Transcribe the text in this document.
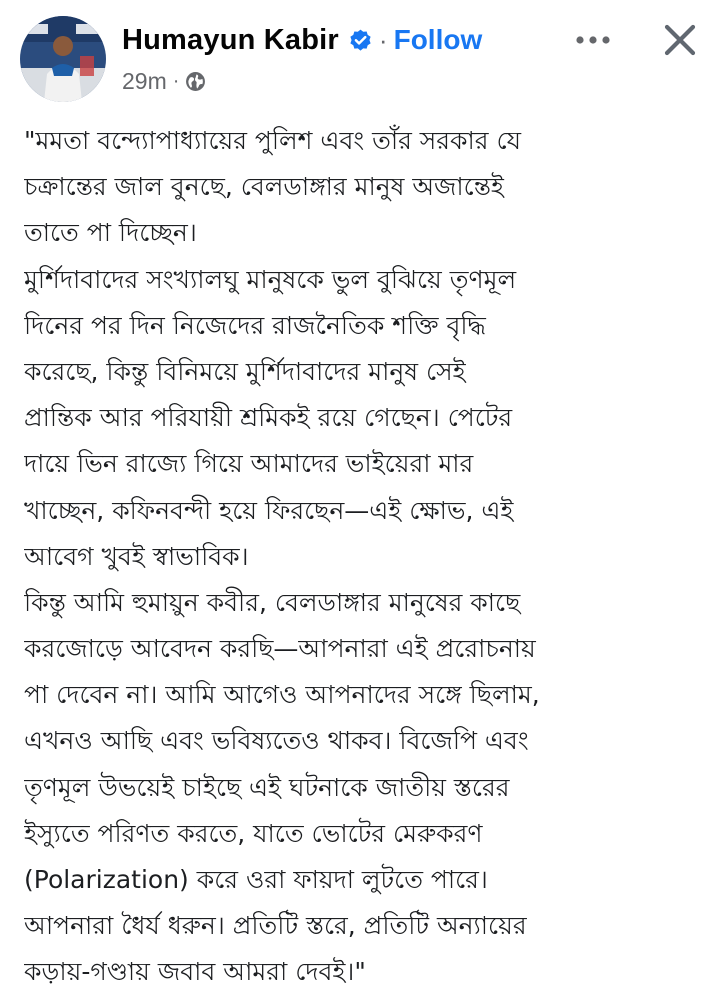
Humayun Kabir · Follow
29m ·
"মমতা বন্দ্যোপাধ্যায়ের পুলিশ এবং তাঁর সরকার যে
চক্রান্তের জাল বুনছে, বেলডাঙ্গার মানুষ অজান্তেই
তাতে পা দিচ্ছেন।
মুর্শিদাবাদের সংখ্যালঘু মানুষকে ভুল বুঝিয়ে তৃণমূল
দিনের পর দিন নিজেদের রাজনৈতিক শক্তি বৃদ্ধি
করেছে, কিন্তু বিনিময়ে মুর্শিদাবাদের মানুষ সেই
প্রান্তিক আর পরিযায়ী শ্রমিকই রয়ে গেছেন। পেটের
দায়ে ভিন রাজ্যে গিয়ে আমাদের ভাইয়েরা মার
খাচ্ছেন, কফিনবন্দী হয়ে ফিরছেন—এই ক্ষোভ, এই
আবেগ খুবই স্বাভাবিক।
কিন্তু আমি হুমায়ুন কবীর, বেলডাঙ্গার মানুষের কাছে
করজোড়ে আবেদন করছি—আপনারা এই প্ররোচনায়
পা দেবেন না। আমি আগেও আপনাদের সঙ্গে ছিলাম,
এখনও আছি এবং ভবিষ্যতেও থাকব। বিজেপি এবং
তৃণমূল উভয়েই চাইছে এই ঘটনাকে জাতীয় স্তরের
ইস্যুতে পরিণত করতে, যাতে ভোটের মেরুকরণ
(Polarization) করে ওরা ফায়দা লুটতে পারে।
আপনারা ধৈর্য ধরুন। প্রতিটি স্তরে, প্রতিটি অন্যায়ের
কড়ায়-গণ্ডায় জবাব আমরা দেবই।"
